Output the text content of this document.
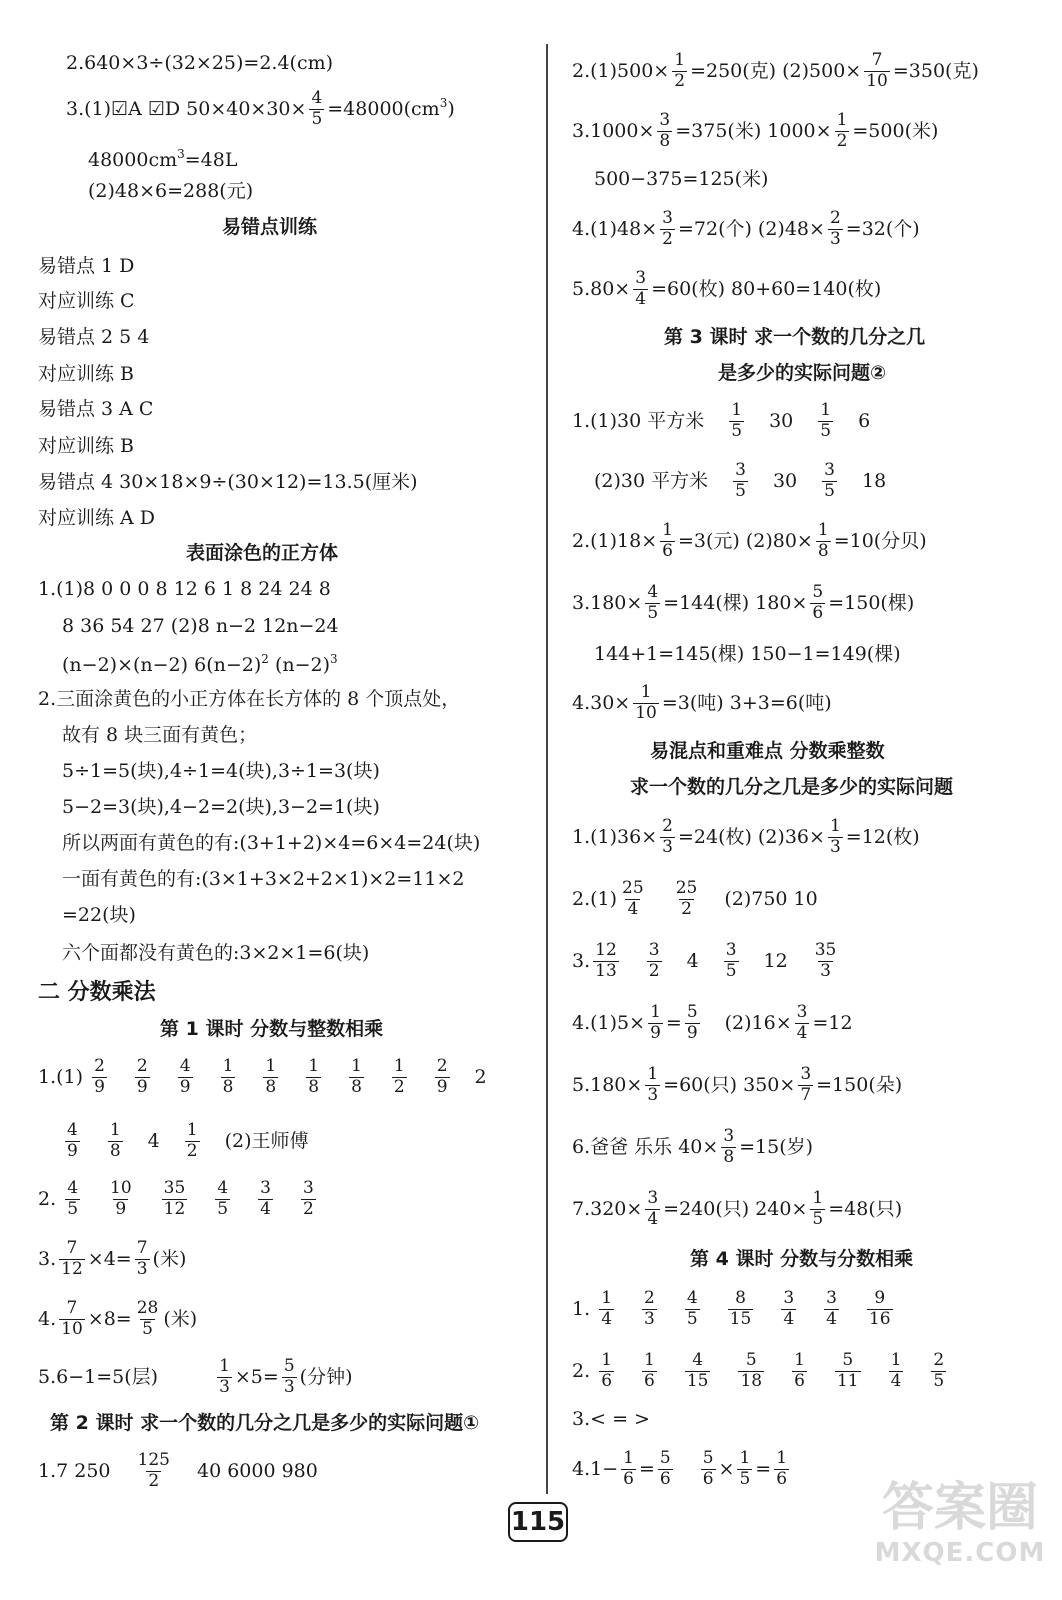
2.640×3÷(32×25)=2.4(cm)
3.(1)☑A ☑D $50\times 40\times 30\times \frac{4}{5} =48000(cm^3)$
$48000cm^3=48L$
(2)48×6=288(元)
易错点训练
易错点 1 D
对应训练 C
易错点 2 5 4
对应训练 B
易错点 3 A C
对应训练 B
易错点 4 30×18×9÷(30×12)=13.5(厘米)
对应训练 A D
表面涂色的正方体
1.(1)8 0 0 0 8 12 6 1 8 24 24 8
8 36 54 27 (2)8 n−2 12n−24
(n−2)×(n−2) $6(n-2)^2$ $(n-2)^3$
2.三面涂黄色的小正方体在长方体的 8 个顶点处，
故有 8 块三面有黄色；
5÷1=5(块),4÷1=4(块),3÷1=3(块)
5−2=3(块),4−2=2(块),3−2=1(块)
所以两面有黄色的有:(3+1+2)×4=6×4=24(块)
一面有黄色的有:(3×1+3×2+2×1)×2=11×2
=22(块)
六个面都没有黄色的:3×2×1=6(块)
二 分数乘法
第 1 课时 分数与整数相乘
$1.(1) \frac{2}{9} \frac{2}{9} \frac{4}{9} \frac{1}{8} \frac{1}{8} \frac{1}{8} \frac{1}{8} \frac{1}{2} \frac{2}{9} 2$
$\frac{4}{9} \frac{1}{8} 4 \frac{1}{2} (2)$王师傅
2. $\frac{4}{5} \frac{10}{9} \frac{35}{12} \frac{4}{5} \frac{3}{4} \frac{3}{2}$
3. $\frac{7}{12} \times 4= \frac{7}{3}$ (米)
4. $\frac{7}{10} \times 8= \frac{28}{5}$ (米)
5.6−1=5(层)	$\frac{1}{3} \times 5= \frac{5}{3}$ (分钟)
第 2 课时 求一个数的几分之几是多少的实际问题①
1.7 $250 \frac{125}{2} 40$ 6000 980
$2.(1)500\times \frac{1}{2} =250$(克) $(2)500\times \frac{7}{10} =350$(克)
$3.1000\times \frac{3}{8} =375$(米) $1000\times \frac{1}{2} =500$(米)
500−375=125(米)
$4.(1)48\times \frac{3}{2} =72$(个) $(2)48\times \frac{2}{3} =32$(个)
$5.80\times \frac{3}{4} =60$(枚) 80+60=140(枚)
第 3 课时 求一个数的几分之几
是多少的实际问题②
1.(1)30 平方米 $\frac{1}{5} 30 \frac{1}{5} 6$
(2)30 平方米 $\frac{3}{5} 30 \frac{3}{5} 18$
$2.(1)18\times \frac{1}{6} =3$(元) $(2)80\times \frac{1}{8} =10$(分贝)
$3.180\times \frac{4}{5} =144$(棵) $180\times \frac{5}{6} =150$(棵)
144+1=145(棵) 150−1=149(棵)
$4.30\times \frac{1}{10} =3$(吨) 3+3=6(吨)
易混点和重难点 分数乘整数
求一个数的几分之几是多少的实际问题
$1.(1)36\times \frac{2}{3} =24$(枚) $(2)36\times \frac{1}{3} =12$(枚)
$2.(1) \frac{25}{4} \frac{25}{2} (2)750$ 10
3. $\frac{12}{13} \frac{3}{2} 4 \frac{3}{5} 12 \frac{35}{3}$
$4.(1)5\times \frac{1}{9} = \frac{5}{9} (2)16\times \frac{3}{4} =12$
$5.180\times \frac{1}{3} =60$(只) $350\times \frac{3}{7} =150$(朵)
6.爸爸 乐乐 $40\times \frac{3}{8} =15$(岁)
$7.320\times \frac{3}{4} =240$(只) $240\times \frac{1}{5} =48$(只)
第 4 课时 分数与分数相乘
1. $\frac{1}{4} \frac{2}{3} \frac{4}{5} \frac{8}{15} \frac{3}{4} \frac{3}{4} \frac{9}{16}$
2. $\frac{1}{6} \frac{1}{6} \frac{4}{15} \frac{5}{18} \frac{1}{6} \frac{5}{11} \frac{1}{4} \frac{2}{5}$
3.< = >
$4.1- \frac{1}{6} = \frac{5}{6} \frac{5}{6} \times \frac{1}{5} = \frac{1}{6}$
115	答案圈
MXQE.COM
